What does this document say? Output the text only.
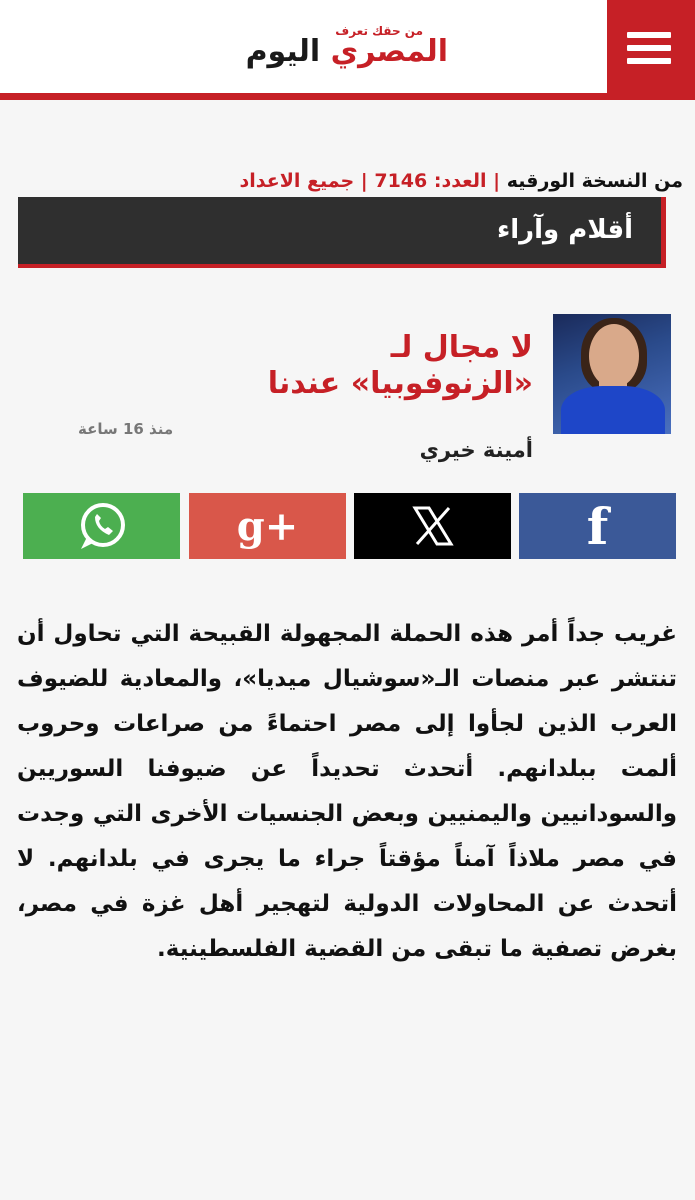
من حقك تعرف
المصري اليوم
من النسخة الورقيه | العدد: 7146 | جميع الاعداد
أقلام وآراء
لا مجال لـ
«الزنوفوبيا» عندنا
منذ 16 ساعة
أمينة خيري
f
g+

غريب جداً أمر هذه الحملة المجهولة القبيحة التي تحاول أن تنتشر عبر منصات الـ«سوشيال ميديا»، والمعادية للضيوف العرب الذين لجأوا إلى مصر احتماءً من صراعات وحروب ألمت ببلدانهم. أتحدث تحديداً عن ضيوفنا السوريين والسودانيين واليمنيين وبعض الجنسيات الأخرى التي وجدت في مصر ملاذاً آمناً مؤقتاً جراء ما يجرى في بلدانهم. لا أتحدث عن المحاولات الدولية لتهجير أهل غزة في مصر، بغرض تصفية ما تبقى من القضية الفلسطينية.
